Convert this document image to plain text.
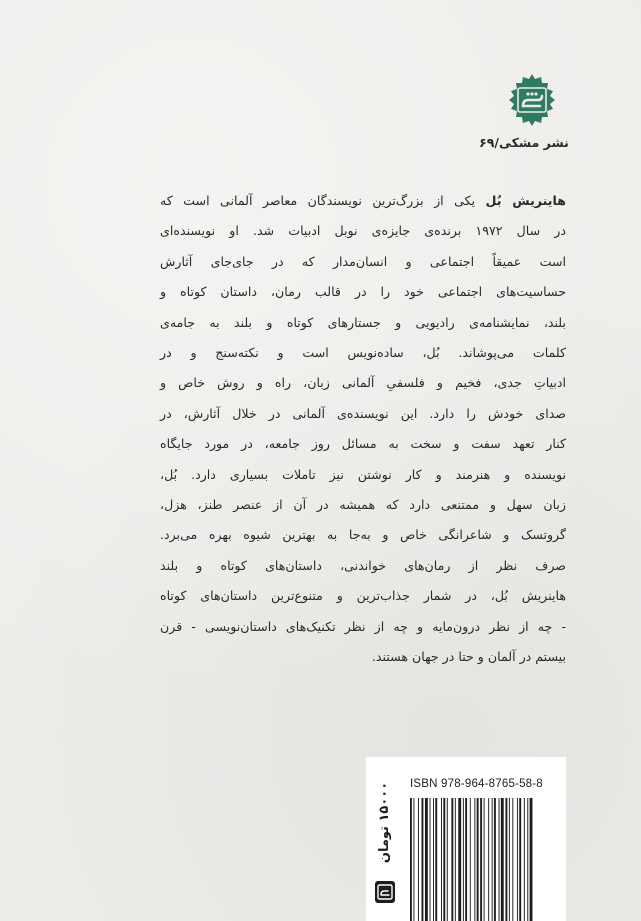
نشر مشکی/۶۹

هاینریش بُل یکی از بزرگ‌ترین نویسندگان معاصر آلمانی است که
در سال ۱۹۷۲ برنده‌ی جایزه‌ی نوبل ادبیات شد. او نویسنده‌ای
است عمیقاً اجتماعی و انسان‌مدار که در جای‌جای آثارش
حساسیت‌های اجتماعی خود را در قالب رمان، داستان کوتاه و
بلند، نمایشنامه‌ی رادیویی و جستارهای کوتاه و بلند به جامه‌ی
کلمات می‌پوشاند. بُل، ساده‌نویس است و نکته‌سنج و در
ادبیاتِ جدی، فخیم و فلسفیِ آلمانی زبان، راه و روش خاص و
صدای خودش را دارد. این نویسنده‌ی آلمانی در خلال آثارش، در
کنار تعهد سفت و سخت به مسائل روز جامعه، در مورد جایگاه
نویسنده و هنرمند و کار نوشتن نیز تاملات بسیاری دارد. بُل،
زبان سهل و ممتنعی دارد که همیشه در آن از عنصر طنز، هزل،
گروتسک و شاعرانگی خاص و به‌جا به بهترین شیوه بهره می‌برد.
صرف نظر از رمان‌های خواندنی، داستان‌های کوتاه و بلند
هاینریش بُل، در شمار جذاب‌ترین و متنوع‌ترین داستان‌های کوتاه
- چه از نظر درون‌مایه و چه از نظر تکنیک‌های داستان‌نویسی - قرن
بیستم در آلمان و حتا در جهان هستند.

۱۵۰۰۰ تومان ISBN 978-964-8765-58-8
